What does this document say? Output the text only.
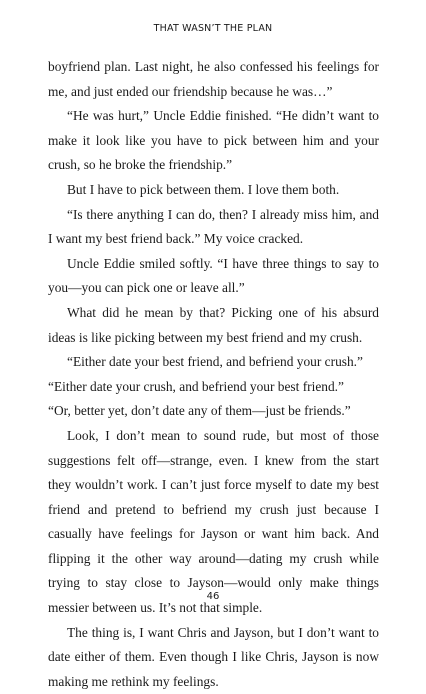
THAT WASN’T THE PLAN

boyfriend plan. Last night, he also confessed his feelings for me, and just ended our friendship because he was…”

“He was hurt,” Uncle Eddie finished. “He didn’t want to make it look like you have to pick between him and your crush, so he broke the friendship.”

But I have to pick between them. I love them both.

“Is there anything I can do, then? I already miss him, and I want my best friend back.” My voice cracked.

Uncle Eddie smiled softly. “I have three things to say to you—you can pick one or leave all.”

What did he mean by that? Picking one of his absurd ideas is like picking between my best friend and my crush.

“Either date your best friend, and befriend your crush.”

“Either date your crush, and befriend your best friend.”

“Or, better yet, don’t date any of them—just be friends.”

Look, I don’t mean to sound rude, but most of those suggestions felt off—strange, even. I knew from the start they wouldn’t work. I can’t just force myself to date my best friend and pretend to befriend my crush just because I casually have feelings for Jayson or want him back. And flipping it the other way around—dating my crush while trying to stay close to Jayson—would only make things messier between us. It’s not that simple.

The thing is, I want Chris and Jayson, but I don’t want to date either of them. Even though I like Chris, Jayson is now making me rethink my feelings.

46
